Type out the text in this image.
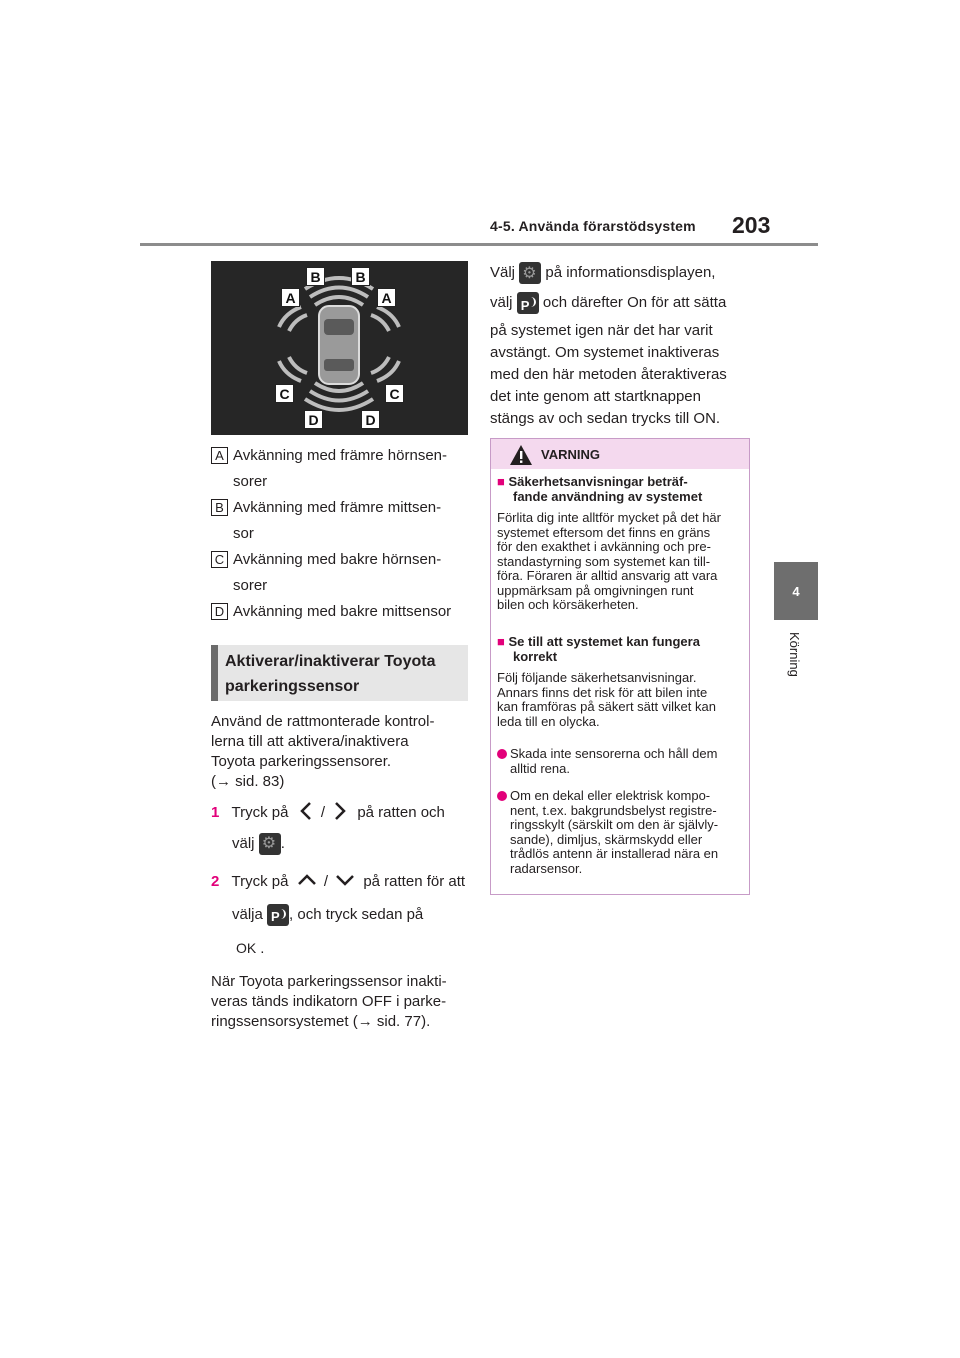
4-5. Använda förarstödsystem 203
4
Körning
A
B	B
A
C	C
D	D
A Avkänning med främre hörnsen-
sorer
B Avkänning med främre mittsen-
sor
C Avkänning med bakre hörnsen-
sorer
D Avkänning med bakre mittsensor
Aktiverar/inaktiverar Toyota
parkeringssensor
Använd de rattmonterade kontrol-
lerna till att aktivera/inaktivera
Toyota parkeringssensorer.
(→ sid. 83)
1 Tryck på / på ratten och
välj ⚙ .
2 Tryck på / på ratten för att
välja P , och tryck sedan på
OK .
När Toyota parkeringssensor inakti-
veras tänds indikatorn OFF i parke-
ringssensorsystemet (→ sid. 77).
Välj ⚙ på informationsdisplayen,
välj P och därefter On för att sätta
på systemet igen när det har varit
avstängt. Om systemet inaktiveras
med den här metoden återaktiveras
det inte genom att startknappen
stängs av och sedan trycks till ON.
VARNING
■ Säkerhetsanvisningar beträf-
fande användning av systemet
Förlita dig inte alltför mycket på det här
systemet eftersom det finns en gräns
för den exakthet i avkänning och pre-
standastyrning som systemet kan till-
föra. Föraren är alltid ansvarig att vara
uppmärksam på omgivningen runt
bilen och körsäkerheten.
■ Se till att systemet kan fungera
korrekt
Följ följande säkerhetsanvisningar.
Annars finns det risk för att bilen inte
kan framföras på säkert sätt vilket kan
leda till en olycka.
Skada inte sensorerna och håll dem
alltid rena.
Om en dekal eller elektrisk kompo-
nent, t.ex. bakgrundsbelyst registre-
ringsskylt (särskilt om den är självly-
sande), dimljus, skärmskydd eller
trådlös antenn är installerad nära en
radarsensor.
